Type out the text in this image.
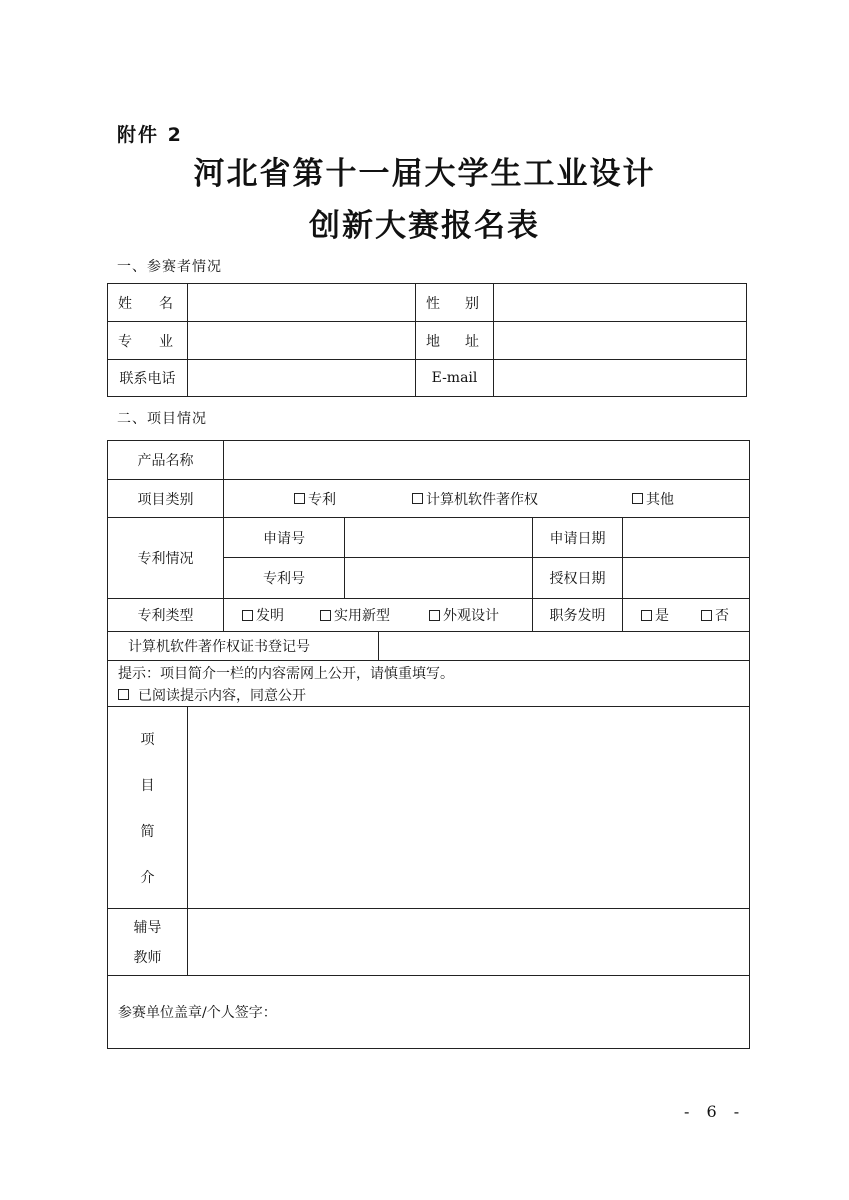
附件 2
河北省第十一届大学生工业设计
创新大赛报名表
一、参赛者情况
姓 名	性 别
专 业	地 址
联系电话	E-mail
二、项目情况
产品名称
项目类别	专利	计算机软件著作权	其他
专利情况
申请号	申请日期
专利号	授权日期
专利类型	发明	实用新型	外观设计	职务发明	是	否
计算机软件著作权证书登记号
提示：项目简介一栏的内容需网上公开，请慎重填写。
已阅读提示内容，同意公开
项
目
简
介
辅导
教师
参赛单位盖章/个人签字：
- 6 -
